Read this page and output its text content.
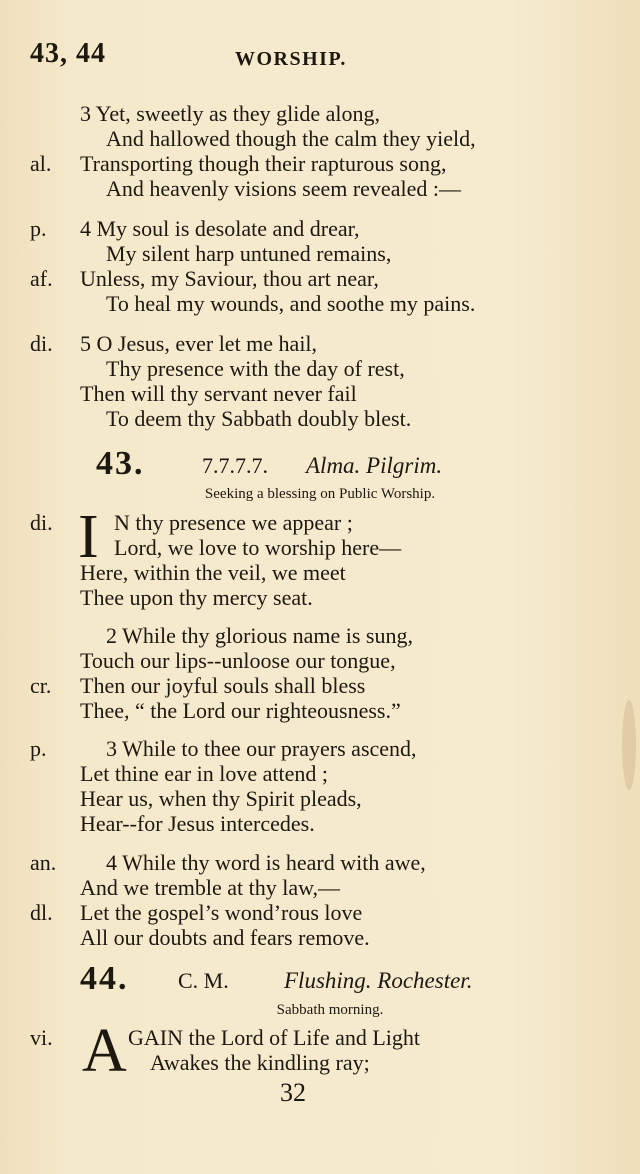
43, 44	WORSHIP.
3 Yet, sweetly as they glide along,
And hallowed though the calm they yield,
al. Transporting though their rapturous song,
And heavenly visions seem revealed :—
p. 4 My soul is desolate and drear,
My silent harp untuned remains,
af. Unless, my Saviour, thou art near,
To heal my wounds, and soothe my pains.
di. 5 O Jesus, ever let me hail,
Thy presence with the day of rest,
Then will thy servant never fail
To deem thy Sabbath doubly blest.
43.	7.7.7.7. Alma. Pilgrim.
Seeking a blessing on Public Worship.
I
di.	N thy presence we appear ;
Lord, we love to worship here—
Here, within the veil, we meet
Thee upon thy mercy seat.
2 While thy glorious name is sung,
Touch our lips--unloose our tongue,
cr. Then our joyful souls shall bless
Thee, “ the Lord our righteousness.”
p.	3 While to thee our prayers ascend,
Let thine ear in love attend ;
Hear us, when thy Spirit pleads,
Hear--for Jesus intercedes.
an. 4 While thy word is heard with awe,
And we tremble at thy law,—
dl. Let the gospel’s wond’rous love
All our doubts and fears remove.
44. C. M. Flushing. Rochester.
Sabbath morning.
A
vi.	GAIN the Lord of Life and Light
Awakes the kindling ray;
32
